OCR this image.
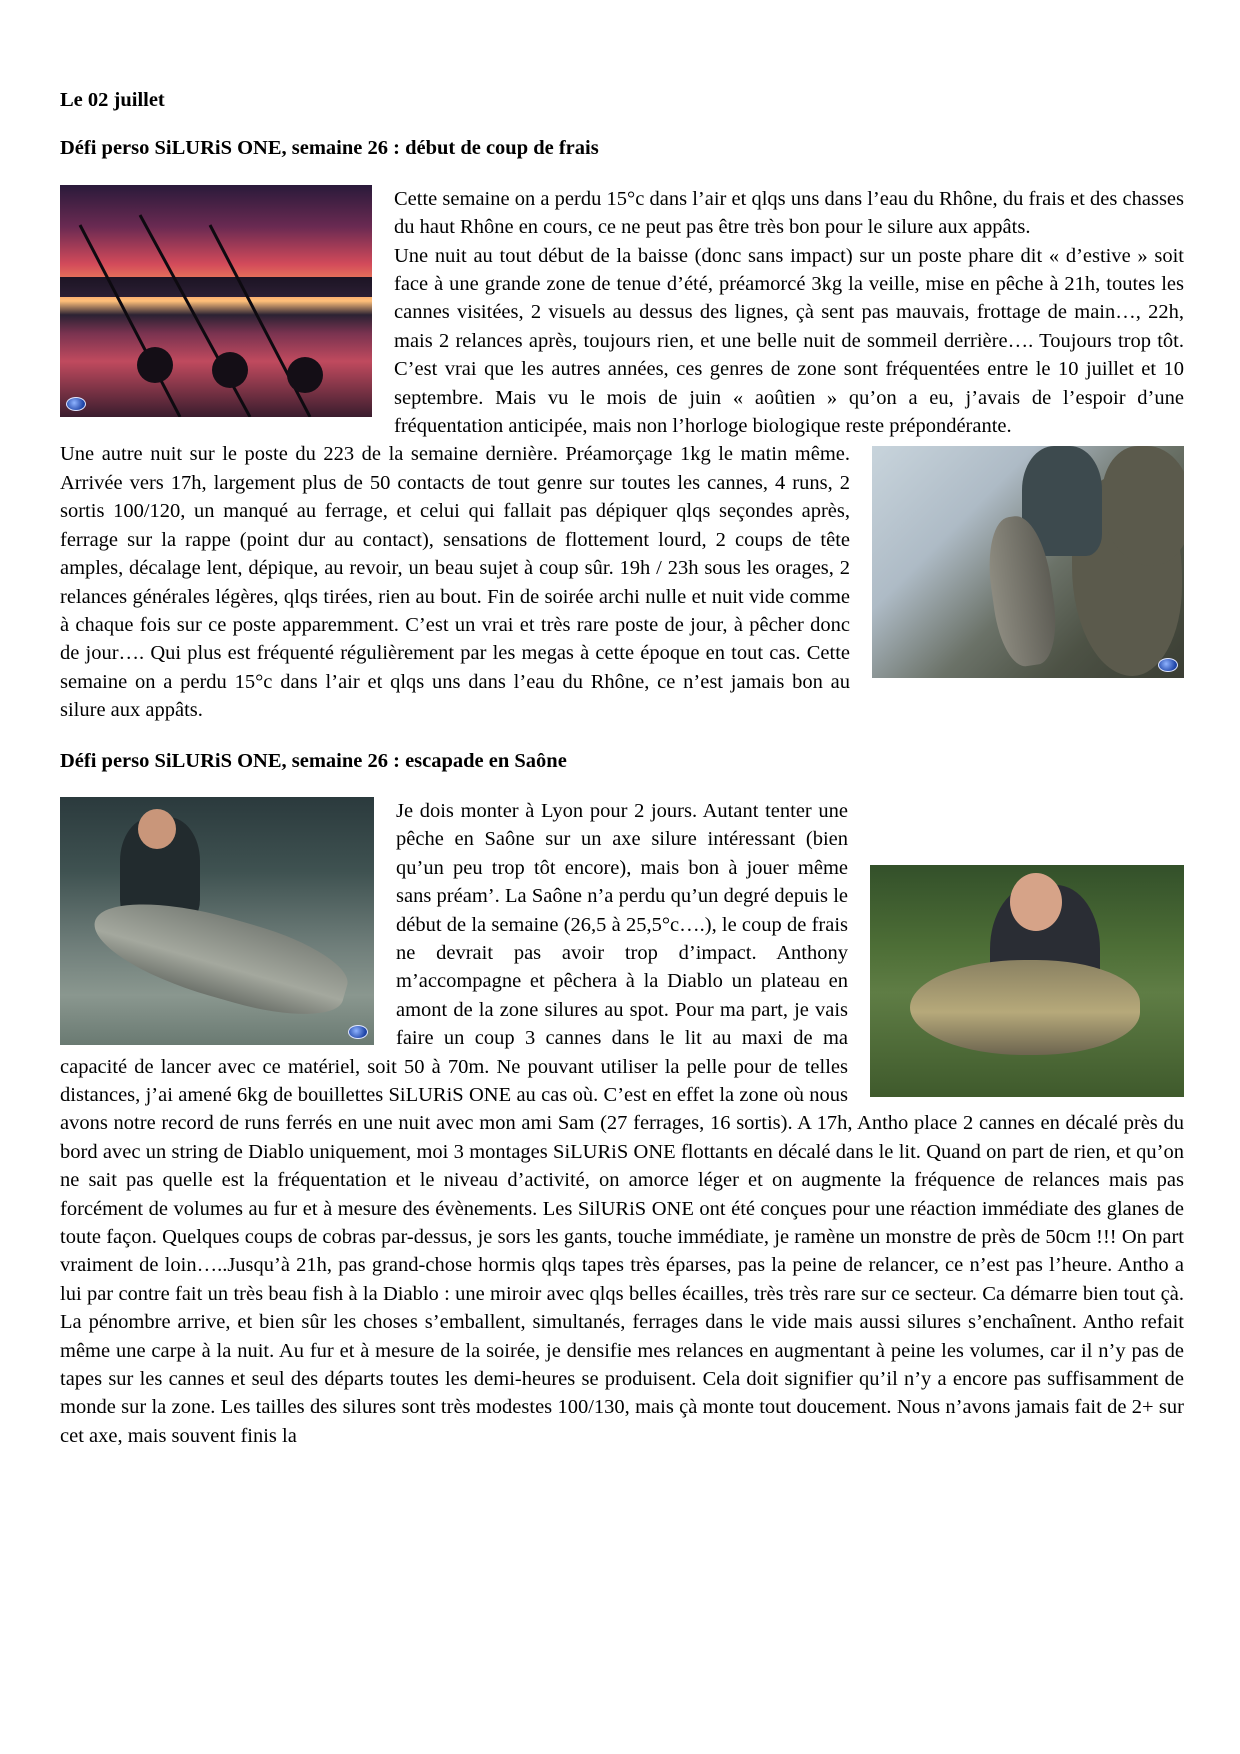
Le 02 juillet

Défi perso SiLURiS ONE, semaine 26 : début de coup de frais

Cette semaine on a perdu 15°c dans l’air et qlqs uns dans l’eau du Rhône, du frais et des chasses du haut Rhône en cours, ce ne peut pas être très bon pour le silure aux appâts.

Une nuit au tout début de la baisse (donc sans impact) sur un poste phare dit « d’estive » soit face à une grande zone de tenue d’été, préamorcé 3kg la veille, mise en pêche à 21h, toutes les cannes visitées, 2 visuels au dessus des lignes, çà sent pas mauvais, frottage de main…, 22h, mais 2 relances après, toujours rien, et une belle nuit de sommeil derrière…. Toujours trop tôt. C’est vrai que les autres années, ces genres de zone sont fréquentées entre le 10 juillet et 10 septembre. Mais vu le mois de juin « aoûtien » qu’on a eu, j’avais de l’espoir d’une fréquentation anticipée, mais non l’horloge biologique reste prépondérante.

Une autre nuit sur le poste du 223 de la semaine dernière. Préamorçage 1kg le matin même. Arrivée vers 17h, largement plus de 50 contacts de tout genre sur toutes les cannes, 4 runs, 2 sortis 100/120, un manqué au ferrage, et celui qui fallait pas dépiquer qlqs seçondes après, ferrage sur la rappe (point dur au contact), sensations de flottement lourd, 2 coups de tête amples, décalage lent, dépique, au revoir, un beau sujet à coup sûr. 19h / 23h sous les orages, 2 relances générales légères, qlqs tirées, rien au bout. Fin de soirée archi nulle et nuit vide comme à chaque fois sur ce poste apparemment. C’est un vrai et très rare poste de jour, à pêcher donc de jour…. Qui plus est fréquenté régulièrement par les megas à cette époque en tout cas. Cette semaine on a perdu 15°c dans l’air et qlqs uns dans l’eau du Rhône, ce n’est jamais bon au silure aux appâts.

Défi perso SiLURiS ONE, semaine 26 : escapade en Saône

Je dois monter à Lyon pour 2 jours. Autant tenter une pêche en Saône sur un axe silure intéressant (bien qu’un peu trop tôt encore), mais bon à jouer même sans préam’. La Saône n’a perdu qu’un degré depuis le début de la semaine (26,5 à 25,5°c….), le coup de frais ne devrait pas avoir trop d’impact. Anthony m’accompagne et pêchera à la Diablo un plateau en amont de la zone silures au spot. Pour ma part, je vais faire un coup 3 cannes dans le lit au maxi de ma capacité de lancer avec ce matériel, soit 50 à 70m. Ne pouvant utiliser la pelle pour de telles distances, j’ai amené 6kg de bouillettes SiLURiS ONE au cas où. C’est en effet la zone où nous avons notre record de runs ferrés en une nuit avec mon ami Sam (27 ferrages, 16 sortis). A 17h, Antho place 2 cannes en décalé près du bord avec un string de Diablo uniquement, moi 3 montages SiLURiS ONE flottants en décalé dans le lit. Quand on part de rien, et qu’on ne sait pas quelle est la fréquentation et le niveau d’activité, on amorce léger et on augmente la fréquence de relances mais pas forcément de volumes au fur et à mesure des évènements. Les SilURiS ONE ont été conçues pour une réaction immédiate des glanes de toute façon. Quelques coups de cobras par-dessus, je sors les gants, touche immédiate, je ramène un monstre de près de 50cm !!! On part vraiment de loin…..Jusqu’à 21h, pas grand-chose hormis qlqs tapes très éparses, pas la peine de relancer, ce n’est pas l’heure. Antho a lui par contre fait un très beau fish à la Diablo : une miroir avec qlqs belles écailles, très très rare sur ce secteur. Ca démarre bien tout çà. La pénombre arrive, et bien sûr les choses s’emballent, simultanés, ferrages dans le vide mais aussi silures s’enchaînent. Antho refait même une carpe à la nuit. Au fur et à mesure de la soirée, je densifie mes relances en augmentant à peine les volumes, car il n’y pas de tapes sur les cannes et seul des départs toutes les demi-heures se produisent. Cela doit signifier qu’il n’y a encore pas suffisamment de monde sur la zone. Les tailles des silures sont très modestes 100/130, mais çà monte tout doucement. Nous n’avons jamais fait de 2+ sur cet axe, mais souvent finis la
